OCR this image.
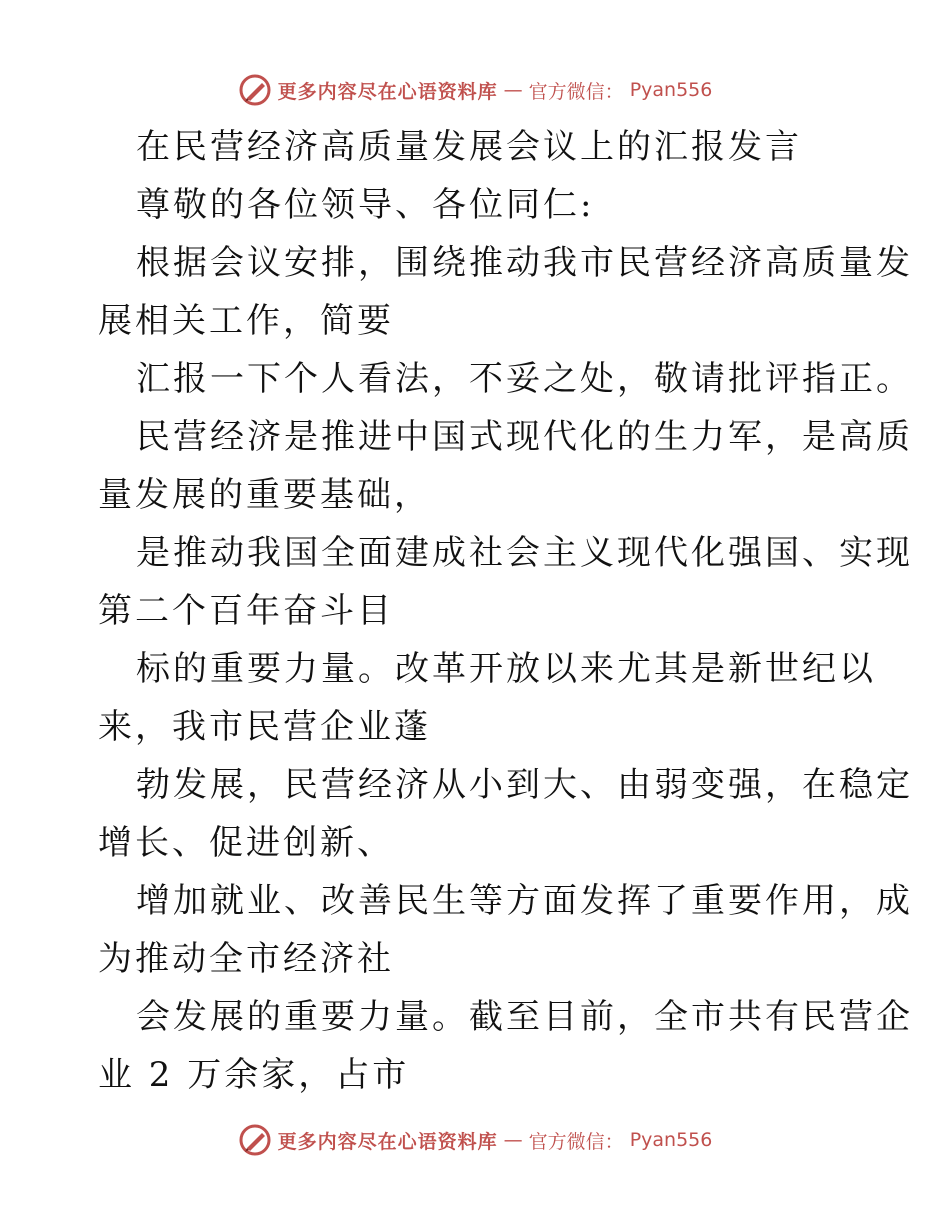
更多内容尽在心语资料库 — 官方微信： Pyan556
在民营经济高质量发展会议上的汇报发言
尊敬的各位领导、各位同仁:
根据会议安排，围绕推动我市民营经济高质量发
展相关工作，简要
汇报一下个人看法，不妥之处，敬请批评指正。
民营经济是推进中国式现代化的生力军，是高质
量发展的重要基础，
是推动我国全面建成社会主义现代化强国、实现
第二个百年奋斗目
标的重要力量。改革开放以来尤其是新世纪以
来，我市民营企业蓬
勃发展，民营经济从小到大、由弱变强，在稳定
增长、促进创新、
增加就业、改善民生等方面发挥了重要作用，成
为推动全市经济社
会发展的重要力量。截至目前，全市共有民营企
业 2 万余家，占市
更多内容尽在心语资料库 — 官方微信： Pyan556
